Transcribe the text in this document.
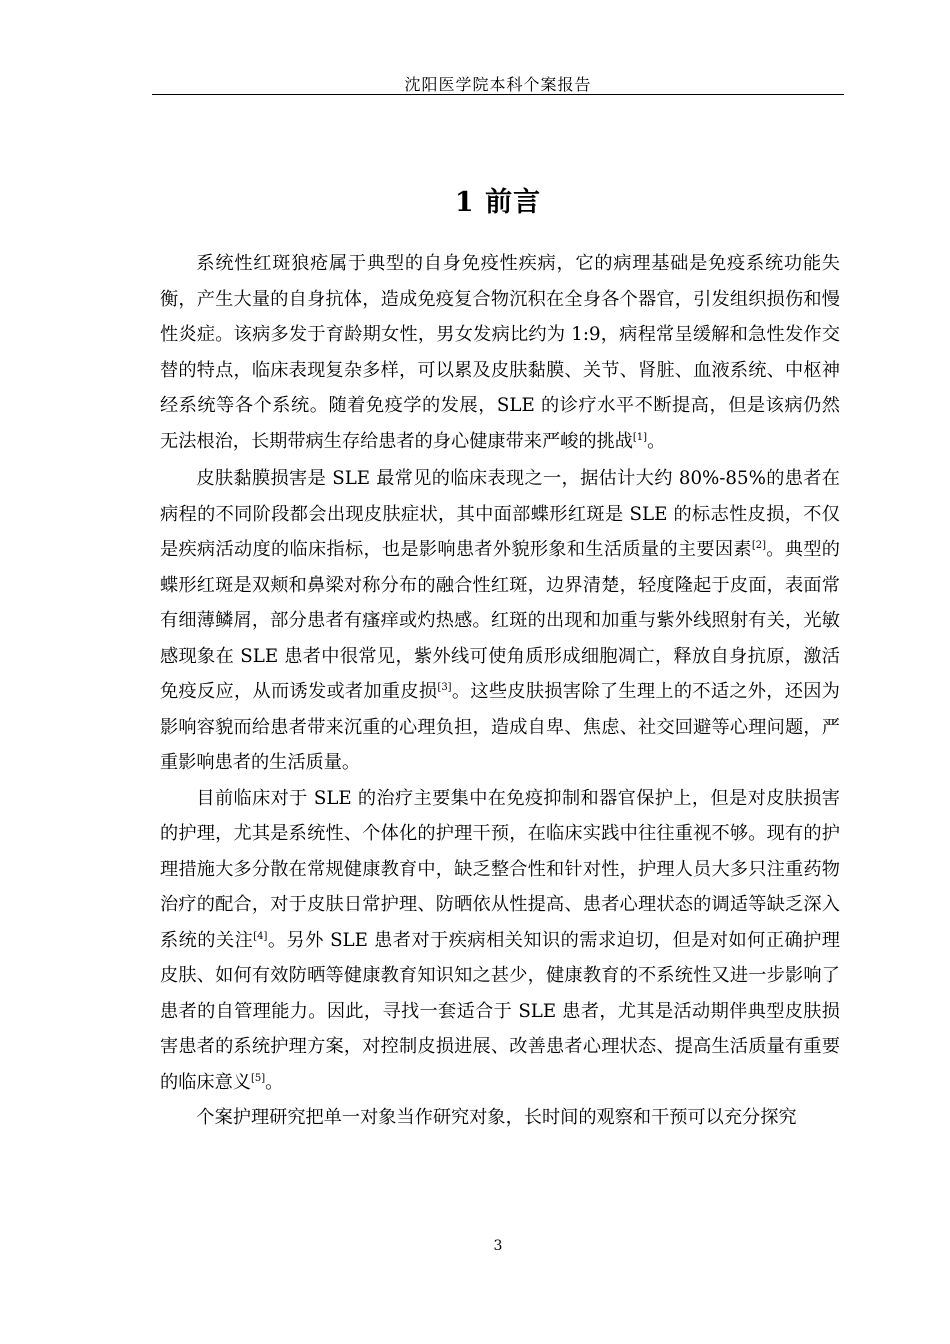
沈阳医学院本科个案报告
1 前言

系统性红斑狼疮属于典型的自身免疫性疾病，它的病理基础是免疫系统功能失衡，产生大量的自身抗体，造成免疫复合物沉积在全身各个器官，引发组织损伤和慢性炎症。该病多发于育龄期女性，男女发病比约为 1:9，病程常呈缓解和急性发作交替的特点，临床表现复杂多样，可以累及皮肤黏膜、关节、肾脏、血液系统、中枢神经系统等各个系统。随着免疫学的发展，SLE 的诊疗水平不断提高，但是该病仍然无法根治，长期带病生存给患者的身心健康带来严峻的挑战[1]。

皮肤黏膜损害是 SLE 最常见的临床表现之一，据估计大约 80%-85%的患者在病程的不同阶段都会出现皮肤症状，其中面部蝶形红斑是 SLE 的标志性皮损，不仅是疾病活动度的临床指标，也是影响患者外貌形象和生活质量的主要因素[2]。典型的蝶形红斑是双颊和鼻梁对称分布的融合性红斑，边界清楚，轻度隆起于皮面，表面常有细薄鳞屑，部分患者有瘙痒或灼热感。红斑的出现和加重与紫外线照射有关，光敏感现象在 SLE 患者中很常见，紫外线可使角质形成细胞凋亡，释放自身抗原，激活免疫反应，从而诱发或者加重皮损[3]。这些皮肤损害除了生理上的不适之外，还因为影响容貌而给患者带来沉重的心理负担，造成自卑、焦虑、社交回避等心理问题，严重影响患者的生活质量。

目前临床对于 SLE 的治疗主要集中在免疫抑制和器官保护上，但是对皮肤损害的护理，尤其是系统性、个体化的护理干预，在临床实践中往往重视不够。现有的护理措施大多分散在常规健康教育中，缺乏整合性和针对性，护理人员大多只注重药物治疗的配合，对于皮肤日常护理、防晒依从性提高、患者心理状态的调适等缺乏深入系统的关注[4]。另外 SLE 患者对于疾病相关知识的需求迫切，但是对如何正确护理皮肤、如何有效防晒等健康教育知识知之甚少，健康教育的不系统性又进一步影响了患者的自管理能力。因此，寻找一套适合于 SLE 患者，尤其是活动期伴典型皮肤损害患者的系统护理方案，对控制皮损进展、改善患者心理状态、提高生活质量有重要的临床意义[5]。

个案护理研究把单一对象当作研究对象，长时间的观察和干预可以充分探究

3
